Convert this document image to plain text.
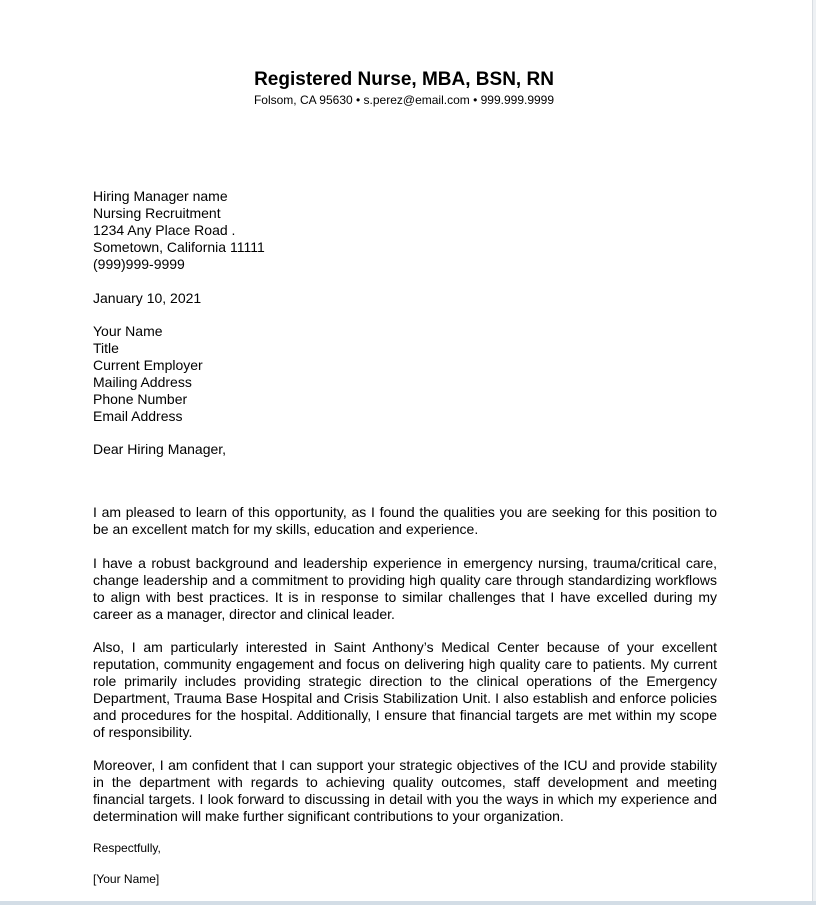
Registered Nurse, MBA, BSN, RN
Folsom, CA 95630 • s.perez@email.com • 999.999.9999
Hiring Manager name
Nursing Recruitment
1234 Any Place Road .
Sometown, California 11111
(999)999-9999
January 10, 2021
Your Name
Title
Current Employer
Mailing Address
Phone Number
Email Address
Dear Hiring Manager,
I am pleased to learn of this opportunity, as I found the qualities you are seeking for this position to be an excellent match for my skills, education and experience.
I have a robust background and leadership experience in emergency nursing, trauma/critical care, change leadership and a commitment to providing high quality care through standardizing workflows to align with best practices. It is in response to similar challenges that I have excelled during my career as a manager, director and clinical leader.
Also, I am particularly interested in Saint Anthony’s Medical Center because of your excellent reputation, community engagement and focus on delivering high quality care to patients. My current role primarily includes providing strategic direction to the clinical operations of the Emergency Department, Trauma Base Hospital and Crisis Stabilization Unit. I also establish and enforce policies and procedures for the hospital. Additionally, I ensure that financial targets are met within my scope of responsibility.
Moreover, I am confident that I can support your strategic objectives of the ICU and provide stability in the department with regards to achieving quality outcomes, staff development and meeting financial targets. I look forward to discussing in detail with you the ways in which my experience and determination will make further significant contributions to your organization.
Respectfully,
[Your Name]
